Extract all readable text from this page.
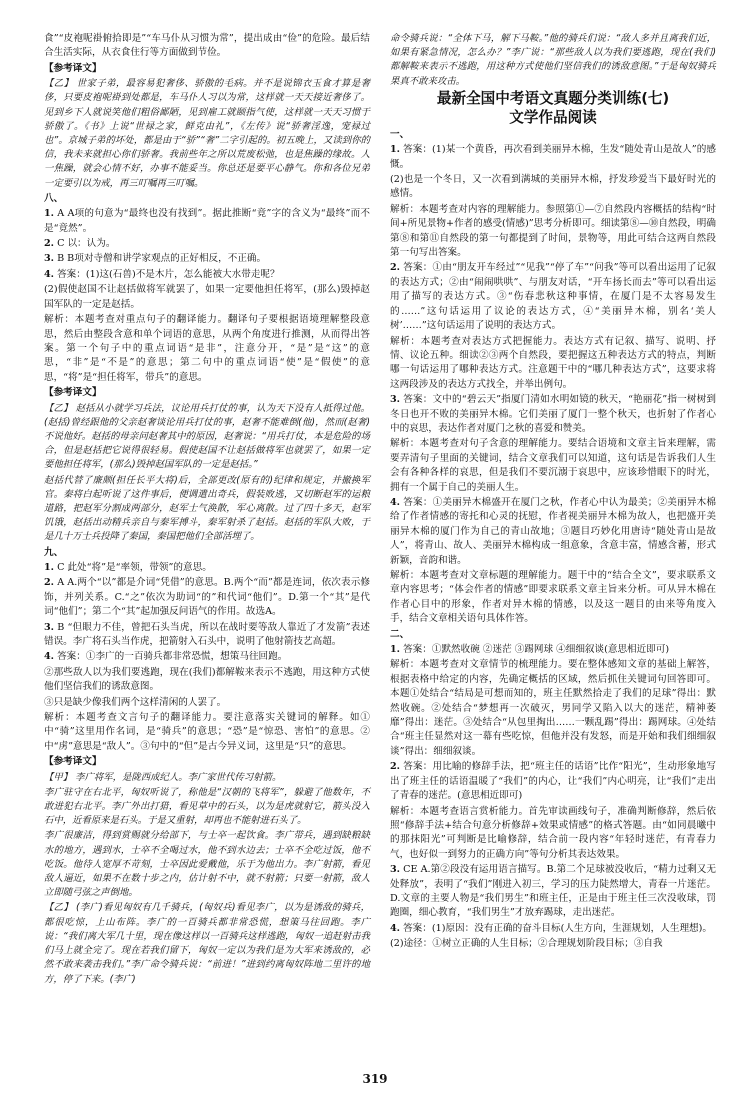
食”“皮袍呢褂俯拾即是”“车马仆从习惯为常”，提出成由“俭”的危险。最后结合生活实际，从衣食住行等方面做到节俭。

【参考译文】

【乙】 世家子弟，最容易犯奢侈、骄傲的毛病。并不是说锦衣玉食才算是奢侈，只要皮袍呢褂到处都是，车马仆人习以为常，这样就一天天接近奢侈了。见到乡下人就说笑他们粗俗鄙陋，见到雇工就颐指气使，这样就一天天习惯于骄傲了。《书》上说“世禄之家，鲜克由礼”，《左传》说“骄奢淫逸，宠禄过也”。京城子弟的坏处，都是由于“骄”“奢”二字引起的。初五晚上，又读到你的信，我未来就担心你们骄奢。我前些年之所以荒废松弛，也是焦躁的缘故。人一焦躁，就会心情不好，办事不能妥当。你总还是要平心静气。你和各位兄弟一定要引以为戒，再三叮嘱再三叮嘱。

八、

1. A A项的句意为“最终也没有找到”。据此推断“竟”字的含义为“最终”而不是“竟然”。

2. C 以：认为。

3. B B项对寺僧和讲学家观点的正好相反，不正确。

4. 答案：(1)这(石兽)不是木片，怎么能被大水带走呢？

(2)假使赵国不让赵括做将军就罢了，如果一定要他担任将军，(那么)毁掉赵国军队的一定是赵括。

解析：本题考查对重点句子的翻译能力。翻译句子要根据语境理解整段意思，然后由整段含意和单个词语的意思，从两个角度进行推测，从而得出答案。第一个句子中的重点词语“是非”，注意分开，“是”是“这”的意思，“非”是“不是”的意思；第二句中的重点词语“使”是“假使”的意思，“将”是“担任将军，带兵”的意思。

【参考译文】

【乙】 赵括从小就学习兵法，议论用兵打仗的事，认为天下没有人抵得过他。(赵括)曾经跟他的父亲赵奢谈论用兵打仗的事，赵奢不能难倒(他)，然而(赵奢)不说他好。赵括的母亲问赵奢其中的原因，赵奢说：“用兵打仗，本是危险的场合，但是赵括把它说得很轻易。假使赵国不让赵括做将军也就罢了，如果一定要他担任将军，(那么)毁掉赵国军队的一定是赵括。”

赵括代替了廉颇(担任长平大将)后，全部更改(原有的)纪律和规定，并撤换军官。秦将白起听说了这件事后，便调遣出奇兵，假装败逃，又切断赵军的运粮道路，把赵军分割成两部分，赵军士气涣散，军心离散。过了四十多天，赵军饥饿，赵括出动精兵亲自与秦军搏斗，秦军射杀了赵括。赵括的军队大败，于是几十万士兵投降了秦国，秦国把他们全部活埋了。

九、

1. C 此处“将”是“率领，带领”的意思。

2. A A.两个“以”都是介词“凭借”的意思。B.两个“而”都是连词，依次表示修饰，并列关系。C.“之”依次为助词“的”和代词“他们”。D.第一个“其”是代词“他们”；第二个“其”起加强反问语气的作用。故选A。

3. B “但眼力不佳，曾把石头当虎，所以在战时要等敌人靠近了才发箭”表述错误。李广将石头当作虎，把箭射入石头中，说明了他射箭技艺高超。

4. 答案：①李广的一百骑兵都非常恐慌，想策马往回跑。

②那些敌人以为我们要逃跑，现在(我们)都解鞍来表示不逃跑，用这种方式使他们坚信我们的诱敌意图。

③只是缺少像我们两个这样清闲的人罢了。

解析：本题考查文言句子的翻译能力。要注意落实关键词的解释。如①中“骑”这里用作名词，是“骑兵”的意思；“恐”是“惊恐、害怕”的意思。②中“虏”意思是“敌人”。③句中的“但”是古今异义词，这里是“只”的意思。

【参考译文】

【甲】 李广将军，是陇西成纪人。李广家世代传习射箭。

李广驻守在右北平，匈奴听说了，称他是“汉朝的飞将军”，躲避了他数年，不敢进犯右北平。李广外出打猎，看见草中的石头，以为是虎就射它，箭头没入石中，近看原来是石头。于是又重射，却再也不能射进石头了。

李广很廉洁，得到赏赐就分给部下，与士卒一起饮食。李广带兵，遇到缺粮缺水的地方，遇到水，士卒不全喝过水，他不到水边去；士卒不全吃过饭，他不吃饭。他待人宽厚不苛刻，士卒因此爱戴他，乐于为他出力。李广射箭，看见敌人逼近，如果不在数十步之内，估计射不中，就不射箭；只要一射箭，敌人立即随弓弦之声倒地。

【乙】 (李广)看见匈奴有几千骑兵，(匈奴兵)看见李广，以为是诱敌的骑兵，都很吃惊，上山布阵。李广的一百骑兵都非常恐慌，想策马往回跑。李广说：“我们离大军几十里，现在像这样以一百骑兵这样逃跑，匈奴一追赶射击我们马上就全完了。现在若我们留下，匈奴一定以为我们是为大军来诱敌的，必然不敢来袭击我们。”李广命令骑兵说：“前进！”进到约离匈奴阵地二里许的地方，停了下来。(李广)

命令骑兵说：“全体下马，解下马鞍。”他的骑兵们说：“敌人多并且离我们近，如果有紧急情况，怎么办？”李广说：“那些敌人以为我们要逃跑，现在(我们)都解鞍来表示不逃跑，用这种方式使他们坚信我们的诱敌意图。”于是匈奴骑兵果真不敢来攻击。

最新全国中考语文真题分类训练(七)

文学作品阅读

一、

1. 答案：(1)某一个黄昏，再次看到美丽异木棉，生发“随处青山是故人”的感慨。

(2)也是一个冬日，又一次看到满城的美丽异木棉，抒发珍爱当下最好时光的感情。

解析：本题考查对内容的理解能力。参照第①—⑦自然段内容概括的结构“时间+所见景物+作者的感受(情感)”思考分析即可。细读第⑧—⑩自然段，明确第⑧和第⑪自然段的第一句都提到了时间，景物等，用此可结合这两自然段第一句写出答案。

2. 答案：①由“朋友开车经过”“见我”“停了车”“问我”等可以看出运用了记叙的表达方式；②由“闹闹哄哄”、与朋友对话，“开车扬长而去”等可以看出运用了描写的表达方式。③“伤春悲秋这种事情，在厦门是不太容易发生的……”这句话运用了议论的表达方式，④“美丽异木棉，别名‘美人树’……”这句话运用了说明的表达方式。

解析：本题考查对表达方式把握能力。表达方式有记叙、描写、说明、抒情、议论五种。细读②③两个自然段，要把握这五种表达方式的特点，判断哪一句话运用了哪种表达方式。注意题干中的“哪几种表达方式”，这要求将这两段涉及的表达方式找全，并举出例句。

3. 答案：文中的“碧云天”指厦门清如水明如镜的秋天，“艳丽花”指一树树到冬日也开不败的美丽异木棉。它们美丽了厦门一整个秋天，也折射了作者心中的哀思，表达作者对厦门之秋的喜爱和赞美。

解析：本题考查对句子含意的理解能力。要结合语境和文章主旨来理解，需要弄清句子里面的关键词，结合文章我们可以知道，这句话是告诉我们人生会有各种各样的哀思，但是我们不要沉溺于哀思中，应该珍惜眼下的时光，拥有一个属于自己的美丽人生。

4. 答案：①美丽异木棉盛开在厦门之秋，作者心中认为最美；②美丽异木棉给了作者情感的寄托和心灵的抚慰，作者视美丽异木棉为故人，也把盛开美丽异木棉的厦门作为自己的青山故地；③题目巧妙化用唐诗“随处青山是故人”，将青山、故人、美丽异木棉构成一组意象，含意丰富，情感含蓄，形式新颖，音韵和谐。

解析：本题考查对文章标题的理解能力。题干中的“结合全文”，要求联系文章内容思考；“体会作者的情感”即要求联系文章主旨来分析。可从异木棉在作者心目中的形象，作者对异木棉的情感，以及这一题目的由来等角度入手，结合文章相关语句具体作答。

二、

1. 答案：①默然收碗 ②迷茫 ③踢网球 ④细细叙谈(意思相近即可)

解析：本题考查对文章情节的梳理能力。要在整体感知文章的基础上解答，根据表格中给定的内容，先确定概括的区域，然后抓住关键词句回答即可。本题①处结合“结局是可想而知的，班主任默然拾走了我们的足球”得出：默然收碗。②处结合“梦想再一次破灭，男同学又陷入以大的迷茫，精神萎靡”得出：迷茫。③处结合“从包里掏出……一颗乱踢”得出：踢网球。④处结合“班主任显然对这一幕有些吃惊，但他并没有发怒，而是开始和我们细细叙谈”得出：细细叙谈。

2. 答案：用比喻的修辞手法，把“班主任的话语”比作“阳光”，生动形象地写出了班主任的话语温暖了“我们”的内心，让“我们”内心明亮，让“我们”走出了青春的迷茫。(意思相近即可)

解析：本题考查语言赏析能力。首先审读画线句子，准确判断修辞，然后依照“修辞手法+结合句意分析修辞+效果或情感”的格式答题。由“如同晨曦中的那抹阳光”可判断是比喻修辞，结合前一段内容“年轻时迷茫，有青春力气，也好似一到努力的正确方向”等句分析其表达效果。

3. CE A.第②段没有运用语言描写。B.第二个足球被没收后，“精力过剩又无处释放”，表明了“我们”刚进入初三，学习的压力陡然增大，青春一片迷茫。D.文章的主要人物是“我们男生”和班主任，正是由于班主任三次没收球，罚跑圈，细心教育，“我们男生”才放弃踢球，走出迷茫。

4. 答案：(1)原因：没有正确的奋斗目标(人生方向，生涯规划，人生理想)。

(2)途径：①树立正确的人生目标；②合理规划阶段目标；③自我

319
